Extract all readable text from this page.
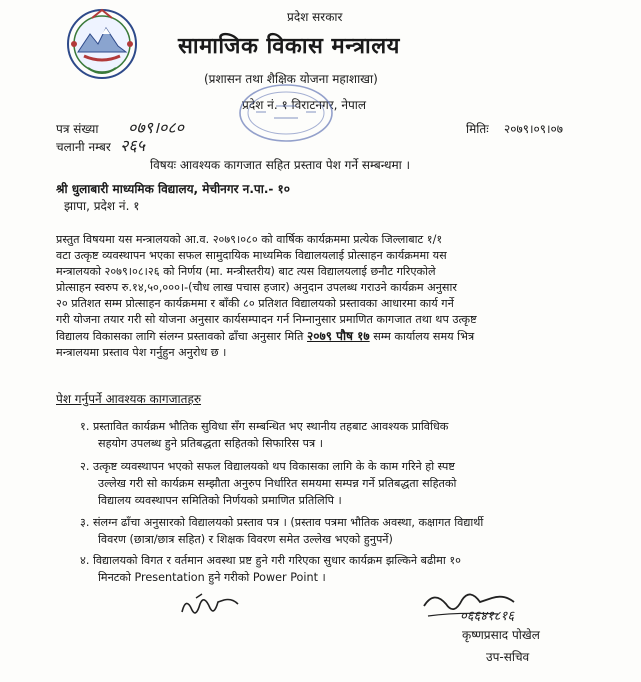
प्रदेश सरकार
सामाजिक विकास मन्त्रालय
(प्रशासन तथा शैक्षिक योजना महाशाखा)
प्रदेश नं. १ विराटनगर, नेपाल
पत्र संख्या ०७९।०८०
चलानी नम्बर २६५
मितिः २०७९।०९।०७
विषयः आवश्यक कागजात सहित प्रस्ताव पेश गर्ने सम्बन्धमा ।
श्री धुलाबारी माध्यमिक विद्यालय, मेचीनगर न.पा.- १०
झापा, प्रदेश नं. १
प्रस्तुत विषयमा यस मन्त्रालयको आ.व. २०७९।०८० को वार्षिक कार्यक्रममा प्रत्येक जिल्लाबाट १/१
वटा उत्कृष्ट व्यवस्थापन भएका सफल सामुदायिक माध्यमिक विद्यालयलाई प्रोत्साहन कार्यक्रममा यस
मन्त्रालयको २०७९।०८।२६ को निर्णय (मा. मन्त्रीस्तरीय) बाट त्यस विद्यालयलाई छनौट गरिएकोले
प्रोत्साहन स्वरुप रु.१४,५०,०००।-(चौध लाख पचास हजार) अनुदान उपलब्ध गराउने कार्यक्रम अनुसार
२० प्रतिशत सम्म प्रोत्साहन कार्यक्रममा र बाँकी ८० प्रतिशत विद्यालयको प्रस्तावका आधारमा कार्य गर्ने
गरी योजना तयार गरी सो योजना अनुसार कार्यसम्पादन गर्न निम्नानुसार प्रमाणित कागजात तथा थप उत्कृष्ट
विद्यालय विकासका लागि संलग्न प्रस्तावको ढाँचा अनुसार मिति २०७९ पौष १७ सम्म कार्यालय समय भित्र
मन्त्रालयमा प्रस्ताव पेश गर्नुहुन अनुरोध छ ।
पेश गर्नुपर्ने आवश्यक कागजातहरु
१. प्रस्तावित कार्यक्रम भौतिक सुविधा सँग सम्बन्धित भए स्थानीय तहबाट आवश्यक प्राविधिक
सहयोग उपलब्ध हुने प्रतिबद्धता सहितको सिफारिस पत्र ।
२. उत्कृष्ट व्यवस्थापन भएको सफल विद्यालयको थप विकासका लागि के के काम गरिने हो स्पष्ट
उल्लेख गरी सो कार्यक्रम सम्झौता अनुरुप निर्धारित समयमा सम्पन्न गर्ने प्रतिबद्धता सहितको
विद्यालय व्यवस्थापन समितिको निर्णयको प्रमाणित प्रतिलिपि ।
३. संलग्न ढाँचा अनुसारको विद्यालयको प्रस्ताव पत्र । (प्रस्ताव पत्रमा भौतिक अवस्था, कक्षागत विद्यार्थी
विवरण (छात्रा/छात्र सहित) र शिक्षक विवरण समेत उल्लेख भएको हुनुपर्ने)
४. विद्यालयको विगत र वर्तमान अवस्था प्रष्ट हुने गरी गरिएका सुधार कार्यक्रम झल्किने बढीमा १०
मिनटको Presentation हुने गरीको Power Point ।
०६६४१८१६
कृष्णप्रसाद पोखेल
उप-सचिव
